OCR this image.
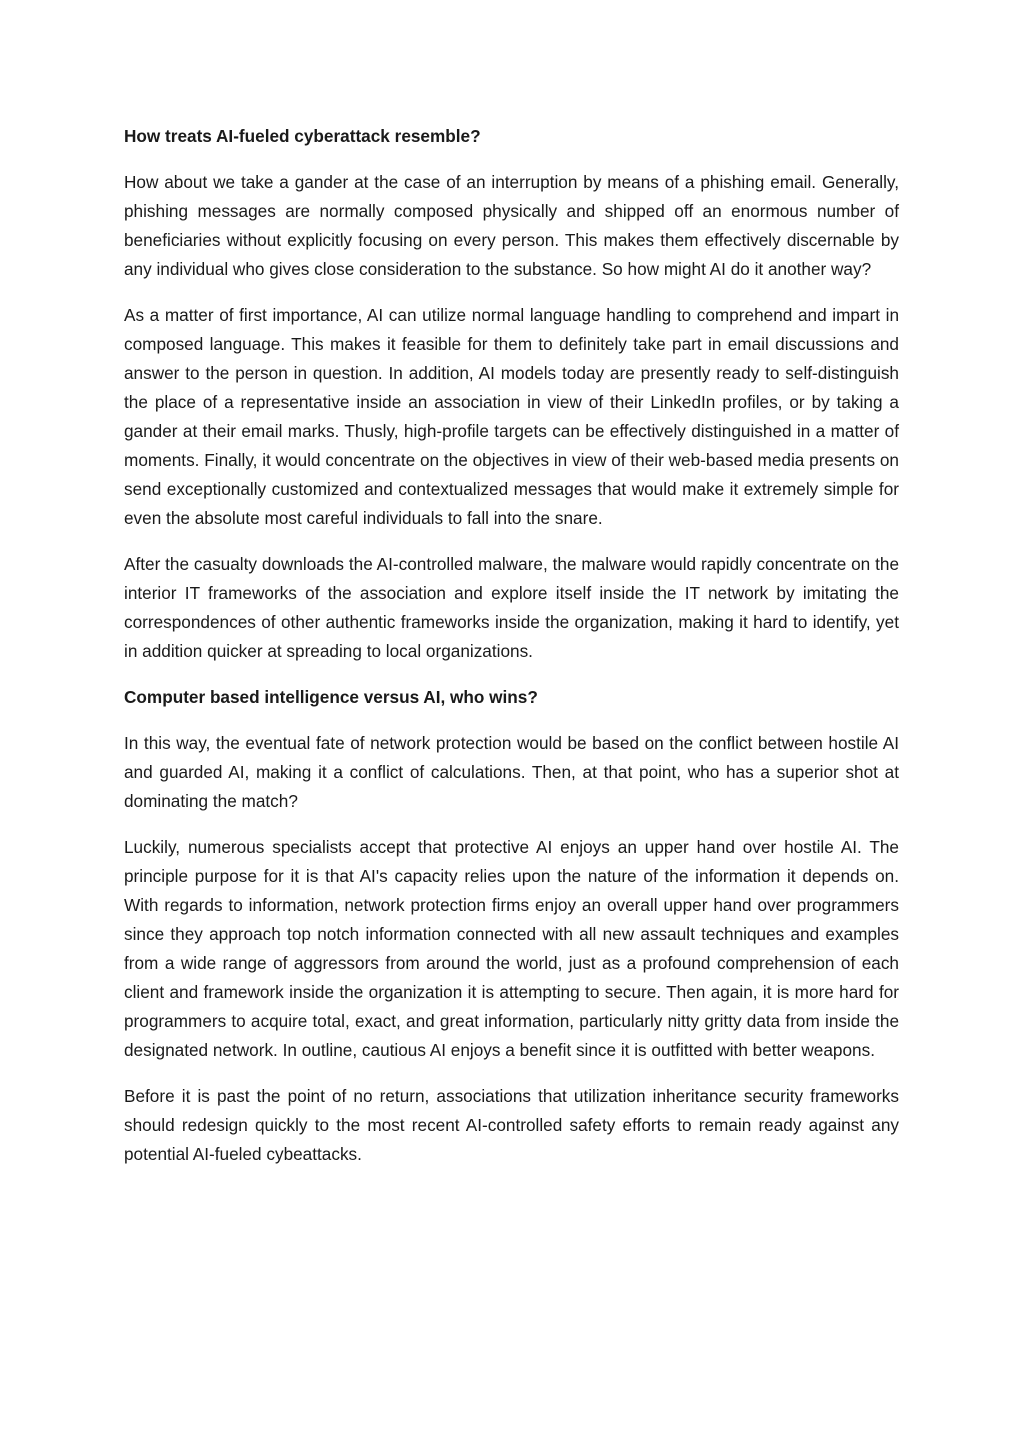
How treats AI-fueled cyberattack resemble?

How about we take a gander at the case of an interruption by means of a phishing email. Generally, phishing messages are normally composed physically and shipped off an enormous number of beneficiaries without explicitly focusing on every person. This makes them effectively discernable by any individual who gives close consideration to the substance. So how might AI do it another way?

As a matter of first importance, AI can utilize normal language handling to comprehend and impart in composed language. This makes it feasible for them to definitely take part in email discussions and answer to the person in question. In addition, AI models today are presently ready to self-distinguish the place of a representative inside an association in view of their LinkedIn profiles, or by taking a gander at their email marks. Thusly, high-profile targets can be effectively distinguished in a matter of moments. Finally, it would concentrate on the objectives in view of their web-based media presents on send exceptionally customized and contextualized messages that would make it extremely simple for even the absolute most careful individuals to fall into the snare.

After the casualty downloads the AI-controlled malware, the malware would rapidly concentrate on the interior IT frameworks of the association and explore itself inside the IT network by imitating the correspondences of other authentic frameworks inside the organization, making it hard to identify, yet in addition quicker at spreading to local organizations.

Computer based intelligence versus AI, who wins?

In this way, the eventual fate of network protection would be based on the conflict between hostile AI and guarded AI, making it a conflict of calculations. Then, at that point, who has a superior shot at dominating the match?

Luckily, numerous specialists accept that protective AI enjoys an upper hand over hostile AI. The principle purpose for it is that AI's capacity relies upon the nature of the information it depends on. With regards to information, network protection firms enjoy an overall upper hand over programmers since they approach top notch information connected with all new assault techniques and examples from a wide range of aggressors from around the world, just as a profound comprehension of each client and framework inside the organization it is attempting to secure. Then again, it is more hard for programmers to acquire total, exact, and great information, particularly nitty gritty data from inside the designated network. In outline, cautious AI enjoys a benefit since it is outfitted with better weapons.

Before it is past the point of no return, associations that utilization inheritance security frameworks should redesign quickly to the most recent AI-controlled safety efforts to remain ready against any potential AI-fueled cybeattacks.
